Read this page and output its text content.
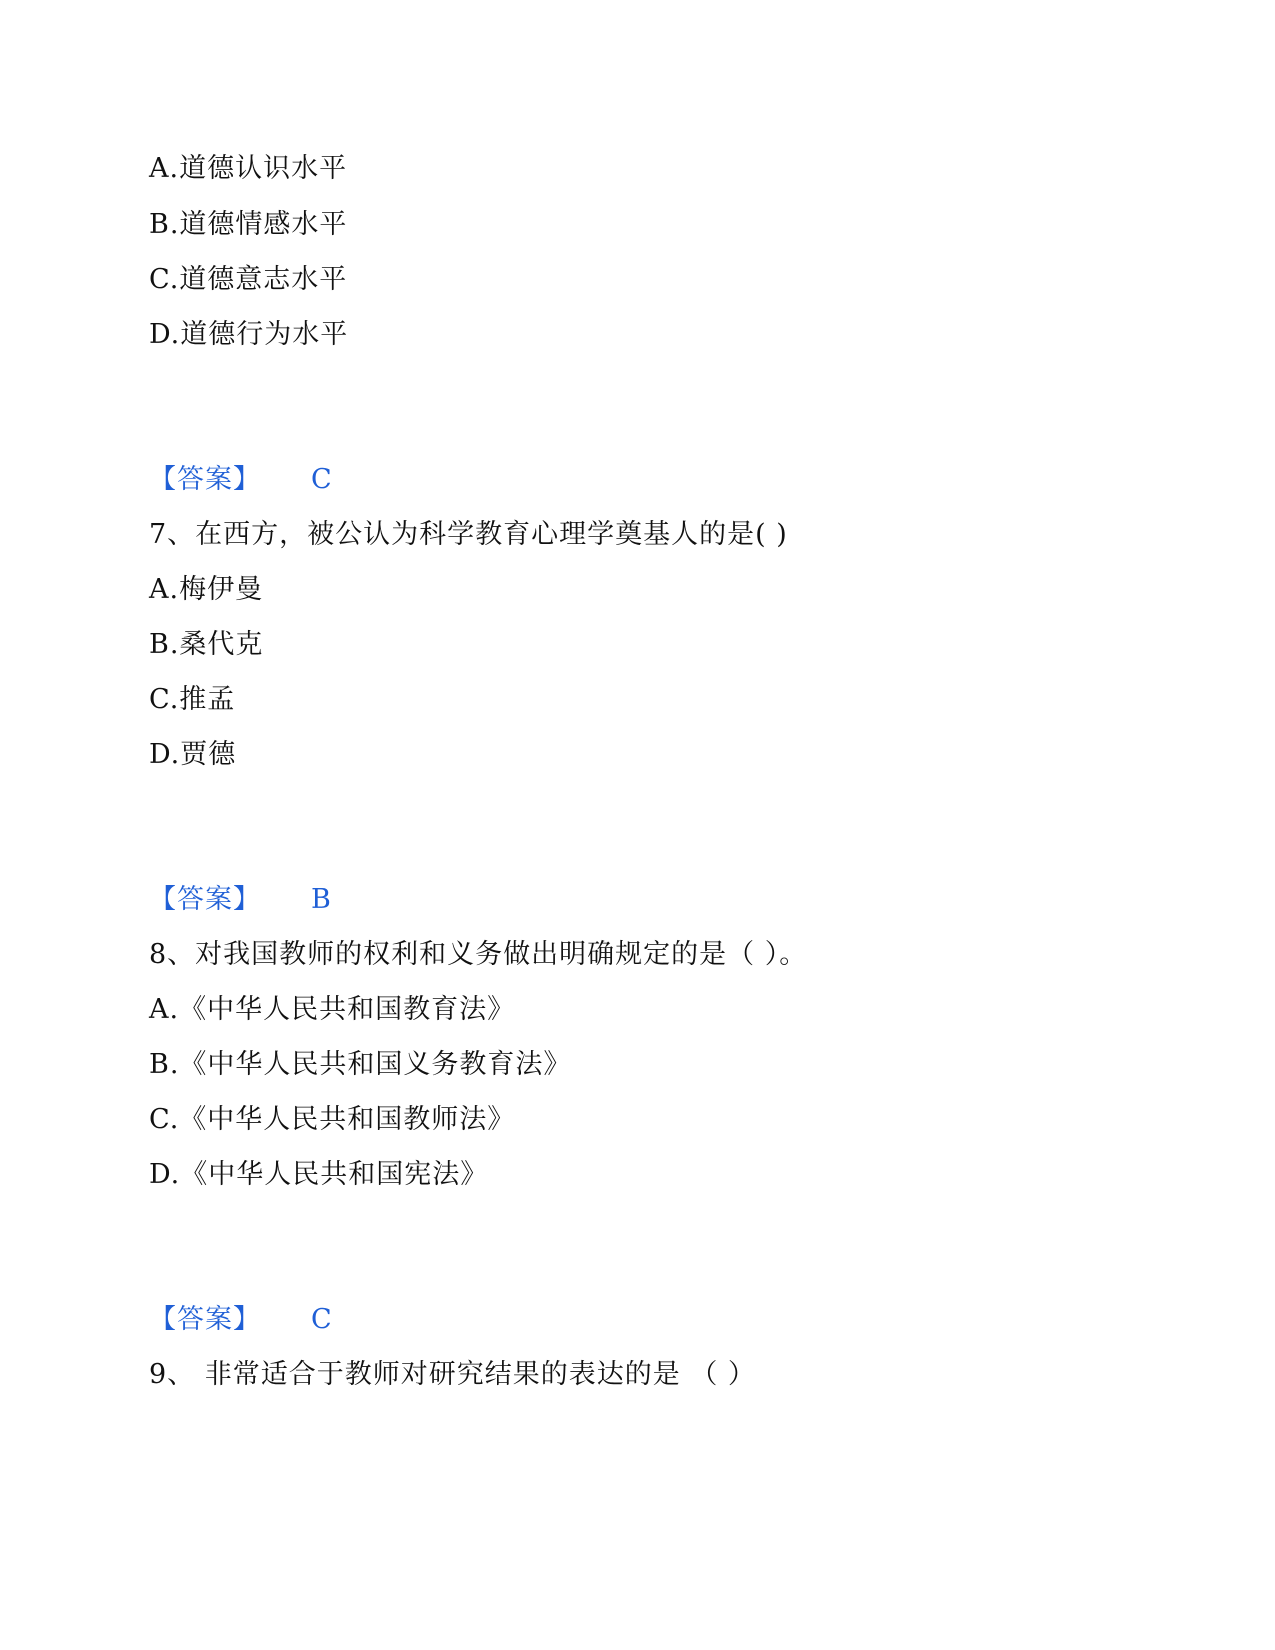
A.道德认识水平
B.道德情感水平
C.道德意志水平
D.道德行为水平
【答案】 C
7、在西方，被公认为科学教育心理学奠基人的是( )
A.梅伊曼
B.桑代克
C.推孟
D.贾德
【答案】 B
8、对我国教师的权利和义务做出明确规定的是（ ）。
A.《中华人民共和国教育法》
B.《中华人民共和国义务教育法》
C.《中华人民共和国教师法》
D.《中华人民共和国宪法》
【答案】 C
9、 非常适合于教师对研究结果的表达的是 （ ）
